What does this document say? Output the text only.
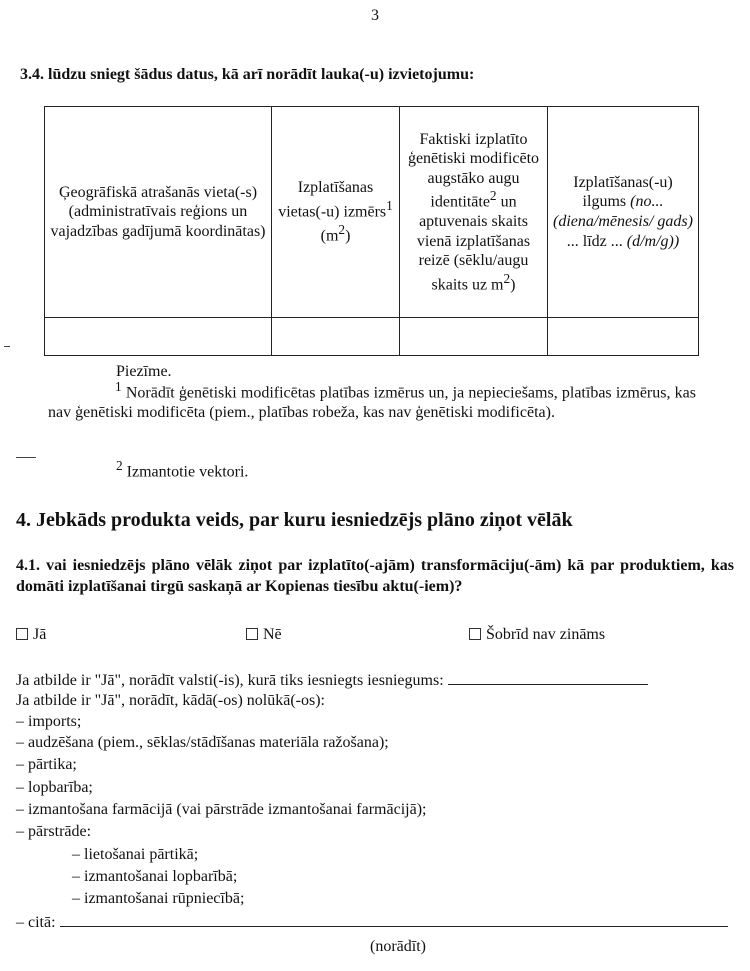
3
3.4. lūdzu sniegt šādus datus, kā arī norādīt lauka(-u) izvietojumu:
Ģeogrāfiskā atrašanās vieta(-s) (administratīvais reģions un vajadzības gadījumā koordinātas)	Izplatīšanas vietas(-u) izmērs$^1$ $(m^2)$	Faktiski izplatīto ģenētiski modificēto augstāko augu identitāte$^2$ un aptuvenais skaits vienā izplatīšanas reizē (sēklu/augu skaits uz $m^2$)	Izplatīšanas(-u) ilgums (no... (diena/mēnesis/ gads) ... līdz ... (d/m/g))

Piezīme.
$^1$ Norādīt ģenētiski modificētas platības izmērus un, ja nepieciešams, platības izmērus, kas nav ģenētiski modificēta (piem., platības robeža, kas nav ģenētiski modificēta).
$^2$ Izmantotie vektori.
4. Jebkāds produkta veids, par kuru iesniedzējs plāno ziņot vēlāk
4.1. vai iesniedzējs plāno vēlāk ziņot par izplatīto(-ajām) transformāciju(-ām) kā par produktiem, kas domāti izplatīšanai tirgū saskaņā ar Kopienas tiesību aktu(-iem)?
Jā	Nē	Šobrīd nav zināms
Ja atbilde ir "Jā", norādīt valsti(-is), kurā tiks iesniegts iesniegums:
Ja atbilde ir "Jā", norādīt, kādā(-os) nolūkā(-os):
– imports;
– audzēšana (piem., sēklas/stādīšanas materiāla ražošana);
– pārtika;
– lopbarība;
– izmantošana farmācijā (vai pārstrāde izmantošanai farmācijā);
– pārstrāde:
– lietošanai pārtikā;
– izmantošanai lopbarībā;
– izmantošanai rūpniecībā;
– citā:
(norādīt)
